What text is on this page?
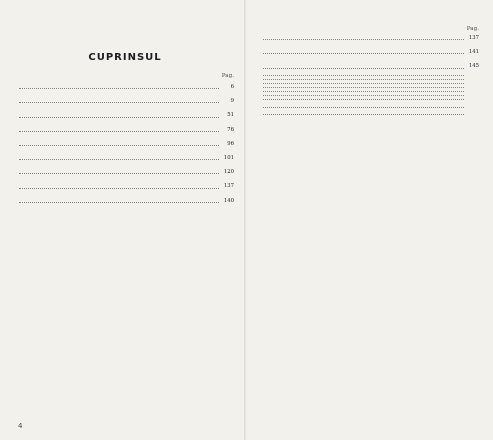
CUPRINSUL
Pag.
6
9
51
76
96
101
120
137
140
4
Pag.
137
141
145
